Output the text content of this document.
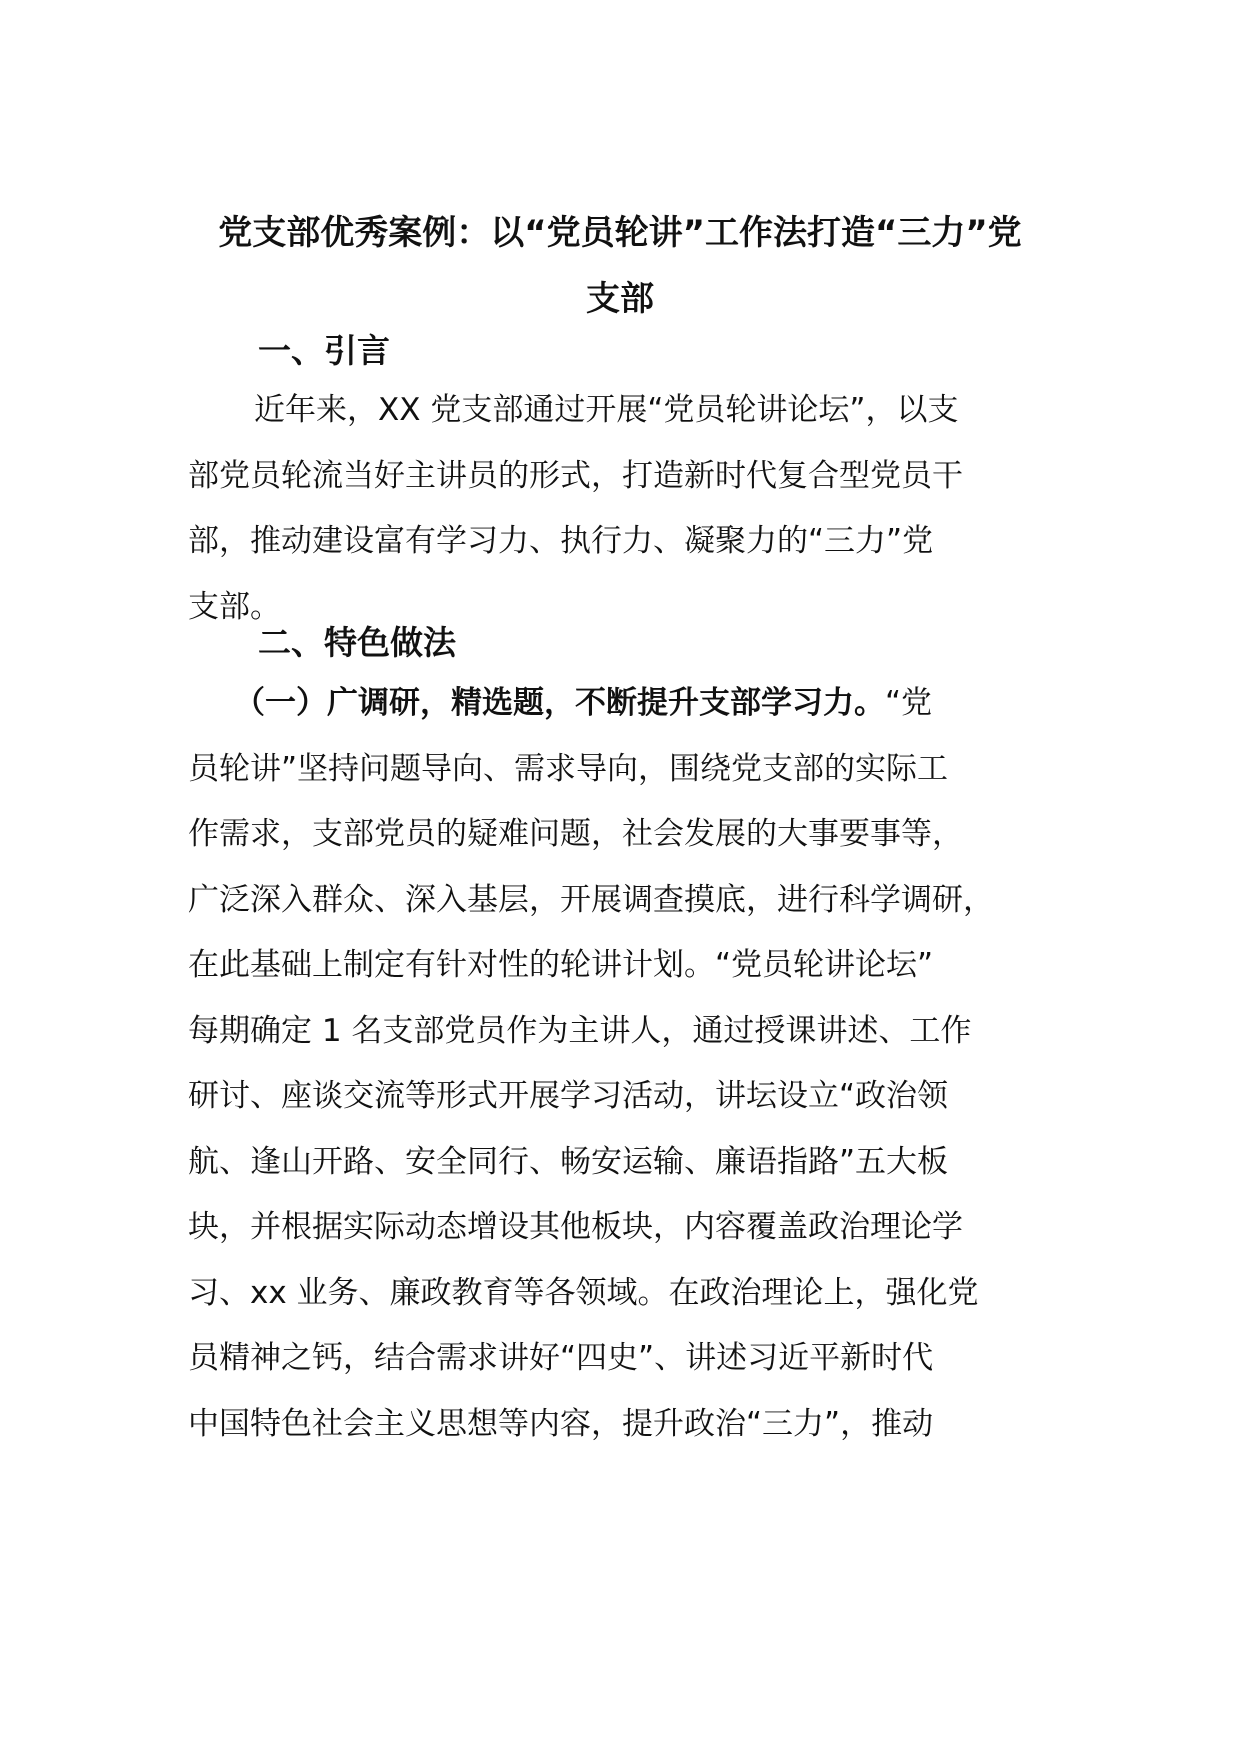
党支部优秀案例：以“党员轮讲”工作法打造“三力”党
支部
一、引言
近年来，XX 党支部通过开展“党员轮讲论坛”，以支
部党员轮流当好主讲员的形式，打造新时代复合型党员干
部，推动建设富有学习力、执行力、凝聚力的“三力”党
支部。
二、特色做法
（一）广调研，精选题，不断提升支部学习力。“党
员轮讲”坚持问题导向、需求导向，围绕党支部的实际工
作需求，支部党员的疑难问题，社会发展的大事要事等，
广泛深入群众、深入基层，开展调查摸底，进行科学调研，
在此基础上制定有针对性的轮讲计划。“党员轮讲论坛”
每期确定 1 名支部党员作为主讲人，通过授课讲述、工作
研讨、座谈交流等形式开展学习活动，讲坛设立“政治领
航、逢山开路、安全同行、畅安运输、廉语指路”五大板
块，并根据实际动态增设其他板块，内容覆盖政治理论学
习、xx 业务、廉政教育等各领域。在政治理论上，强化党
员精神之钙，结合需求讲好“四史”、讲述习近平新时代
中国特色社会主义思想等内容，提升政治“三力”，推动
